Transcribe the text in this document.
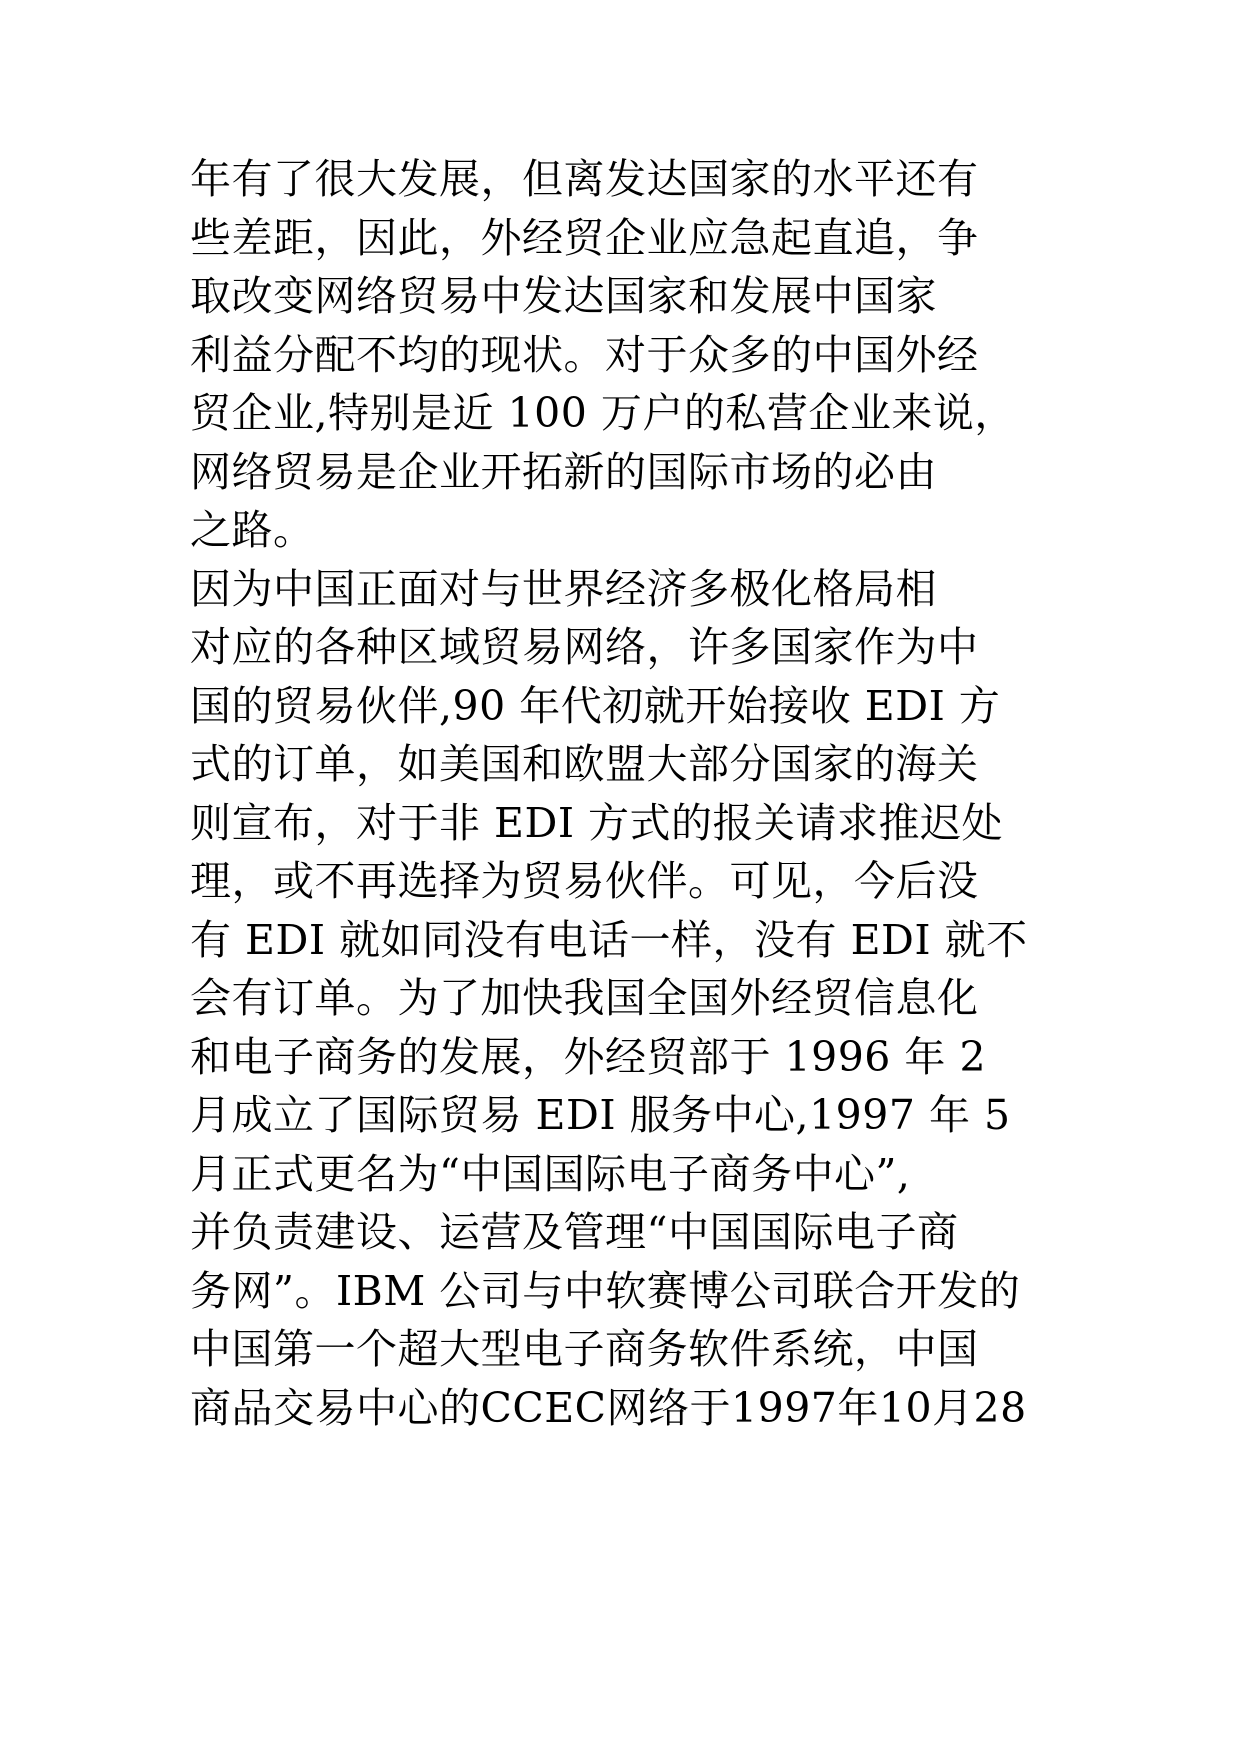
年有了很大发展，但离发达国家的水平还有
些差距，因此，外经贸企业应急起直追，争
取改变网络贸易中发达国家和发展中国家
利益分配不均的现状。对于众多的中国外经
贸企业,特别是近 100 万户的私营企业来说，
网络贸易是企业开拓新的国际市场的必由
之路。
因为中国正面对与世界经济多极化格局相
对应的各种区域贸易网络，许多国家作为中
国的贸易伙伴,90 年代初就开始接收 EDI 方
式的订单，如美国和欧盟大部分国家的海关
则宣布，对于非 EDI 方式的报关请求推迟处
理，或不再选择为贸易伙伴。可见，今后没
有 EDI 就如同没有电话一样，没有 EDI 就不
会有订单。为了加快我国全国外经贸信息化
和电子商务的发展，外经贸部于 1996 年 2
月成立了国际贸易 EDI 服务中心,1997 年 5
月正式更名为“中国国际电子商务中心”,
并负责建设、运营及管理“中国国际电子商
务网”。IBM 公司与中软赛博公司联合开发的
中国第一个超大型电子商务软件系统，中国
商品交易中心的CCEC网络于1997年10月28
